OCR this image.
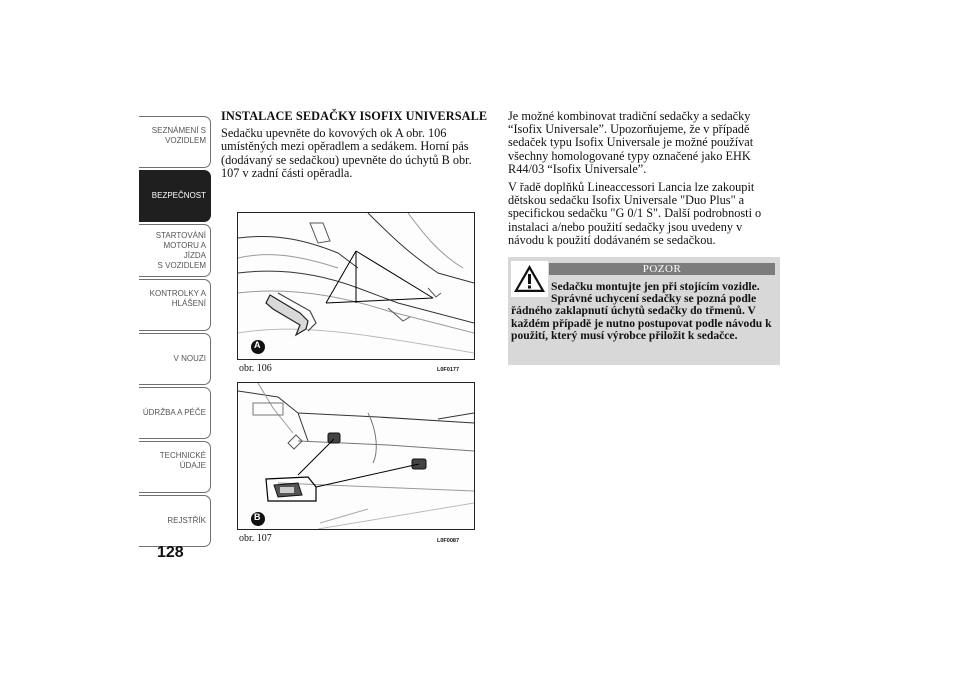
SEZNÁMENÍ S
VOZIDLEM
BEZPEČNOST
STARTOVÁNÍ
MOTORU A JÍZDA
S VOZIDLEM
KONTROLKY A
HLÁŠENÍ
V NOUZI
ÚDRŽBA A PÉČE
TECHNICKÉ
ÚDAJE
REJSTŘÍK
128
INSTALACE SEDAČKY ISOFIX UNIVERSALE

Sedačku upevněte do kovových ok A obr. 106 umístěných mezi opěradlem a sedákem. Horní pás (dodávaný se sedačkou) upevněte do úchytů B obr. 107 v zadní části opěradla.

A
obr. 106	L0F0177
B
obr. 107	L0F0087

Je možné kombinovat tradiční sedačky a sedačky “Isofix Universale”. Upozorňujeme, že v případě sedaček typu Isofix Universale je možné používat všechny homologované typy označené jako EHK R44/03 “Isofix Universale”.

V řadě doplňků Lineaccessori Lancia lze zakoupit dětskou sedačku Isofix Universale "Duo Plus" a specifickou sedačku "G 0/1 S". Další podrobnosti o instalaci a/nebo použití sedačky jsou uvedeny v návodu k použití dodávaném se sedačkou.

POZOR
Sedačku montujte jen při stojícím vozidle.
Správné uchycení sedačky se pozná podle řádného zaklapnutí úchytů sedačky do třmenů. V každém případě je nutno postupovat podle návodu k použití, který musí výrobce přiložit k sedačce.
